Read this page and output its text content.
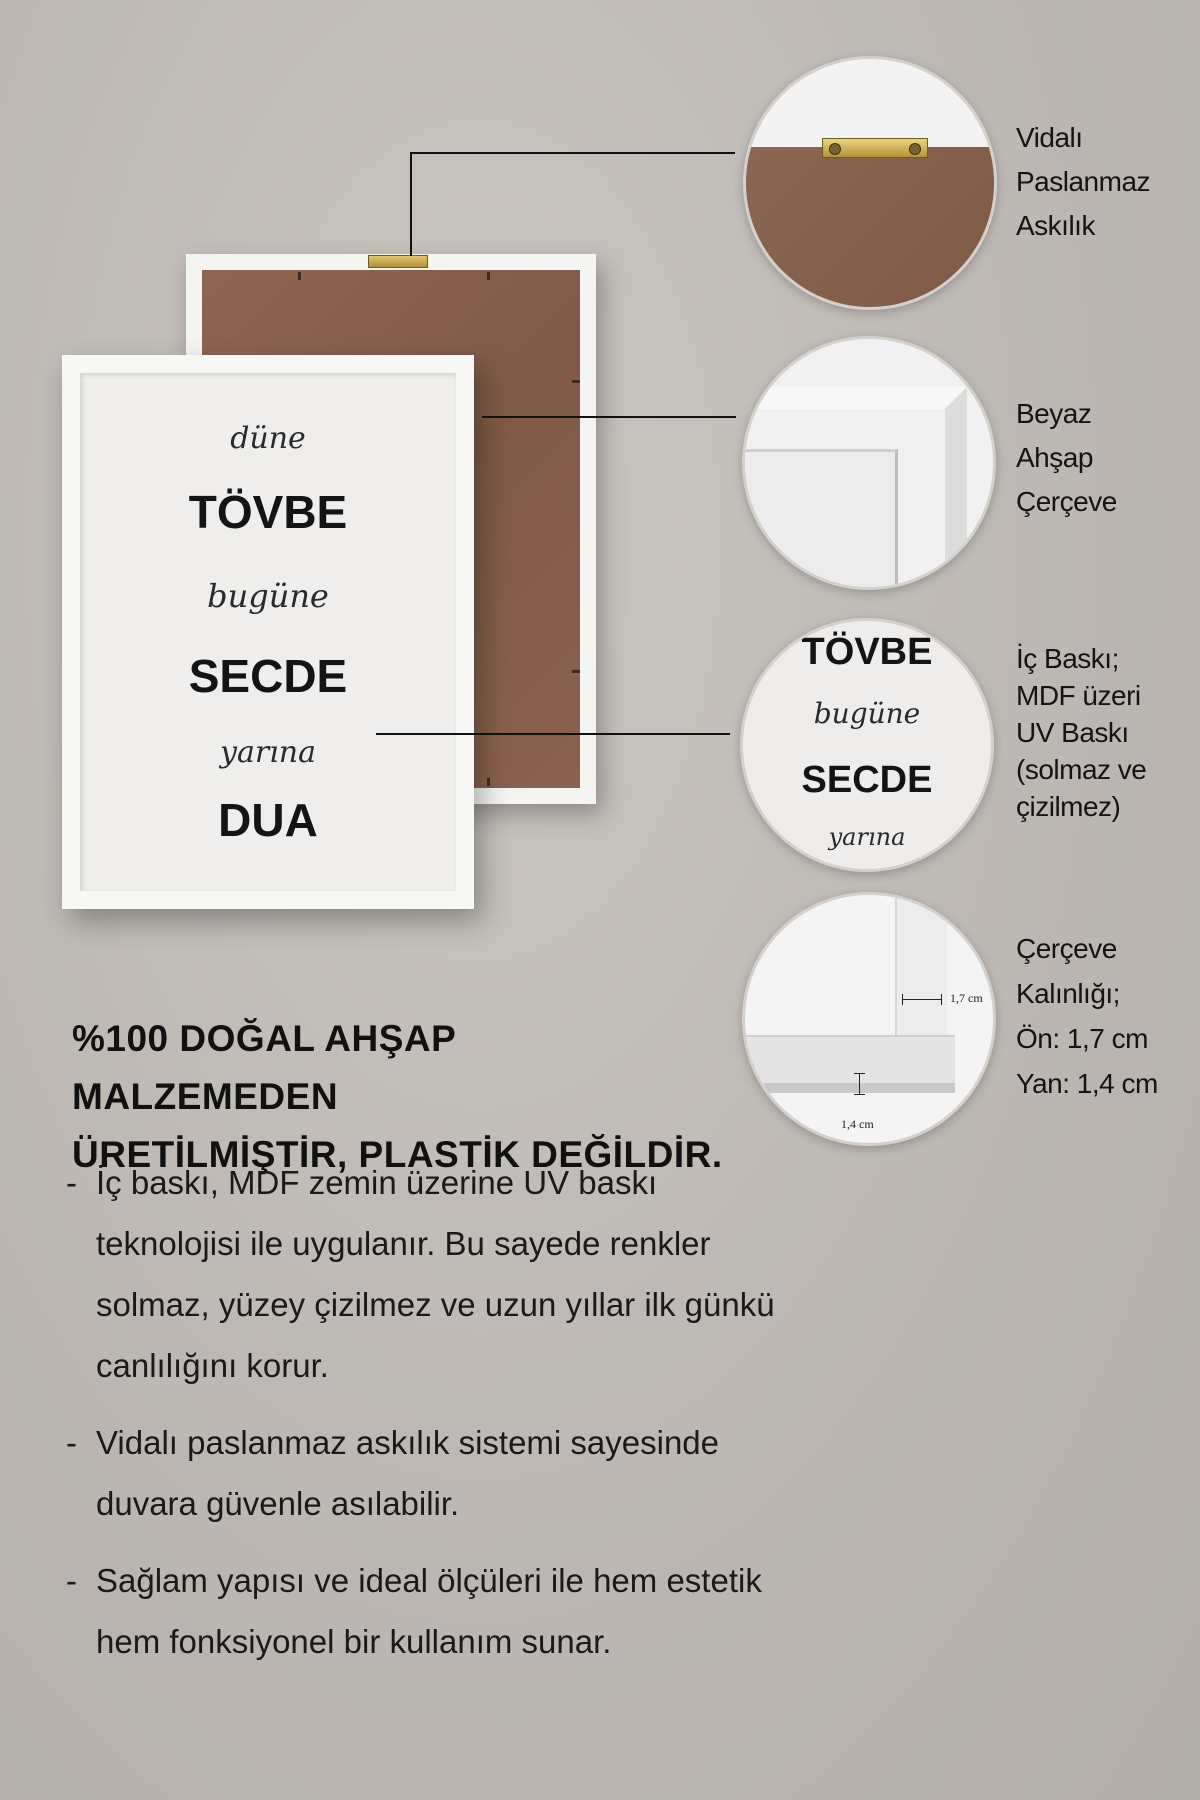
düne
TÖVBE
bugüne
SECDE
yarına
DUA
Vidalı
Paslanmaz
Askılık
Beyaz
Ahşap
Çerçeve
TÖVBE
bugüne
SECDE
yarına
İç Baskı;
MDF üzeri
UV Baskı
(solmaz ve
çizilmez)
1,7 cm
1,4 cm
Çerçeve
Kalınlığı;
Ön: 1,7 cm
Yan: 1,4 cm
%100 DOĞAL AHŞAP MALZEMEDEN
ÜRETİLMİŞTİR, PLASTİK DEĞİLDİR.
- İç baskı, MDF zemin üzerine UV baskı teknolojisi ile uygulanır. Bu sayede renkler solmaz, yüzey çizilmez ve uzun yıllar ilk günkü canlılığını korur.
- Vidalı paslanmaz askılık sistemi sayesinde duvara güvenle asılabilir.
- Sağlam yapısı ve ideal ölçüleri ile hem estetik hem fonksiyonel bir kullanım sunar.
